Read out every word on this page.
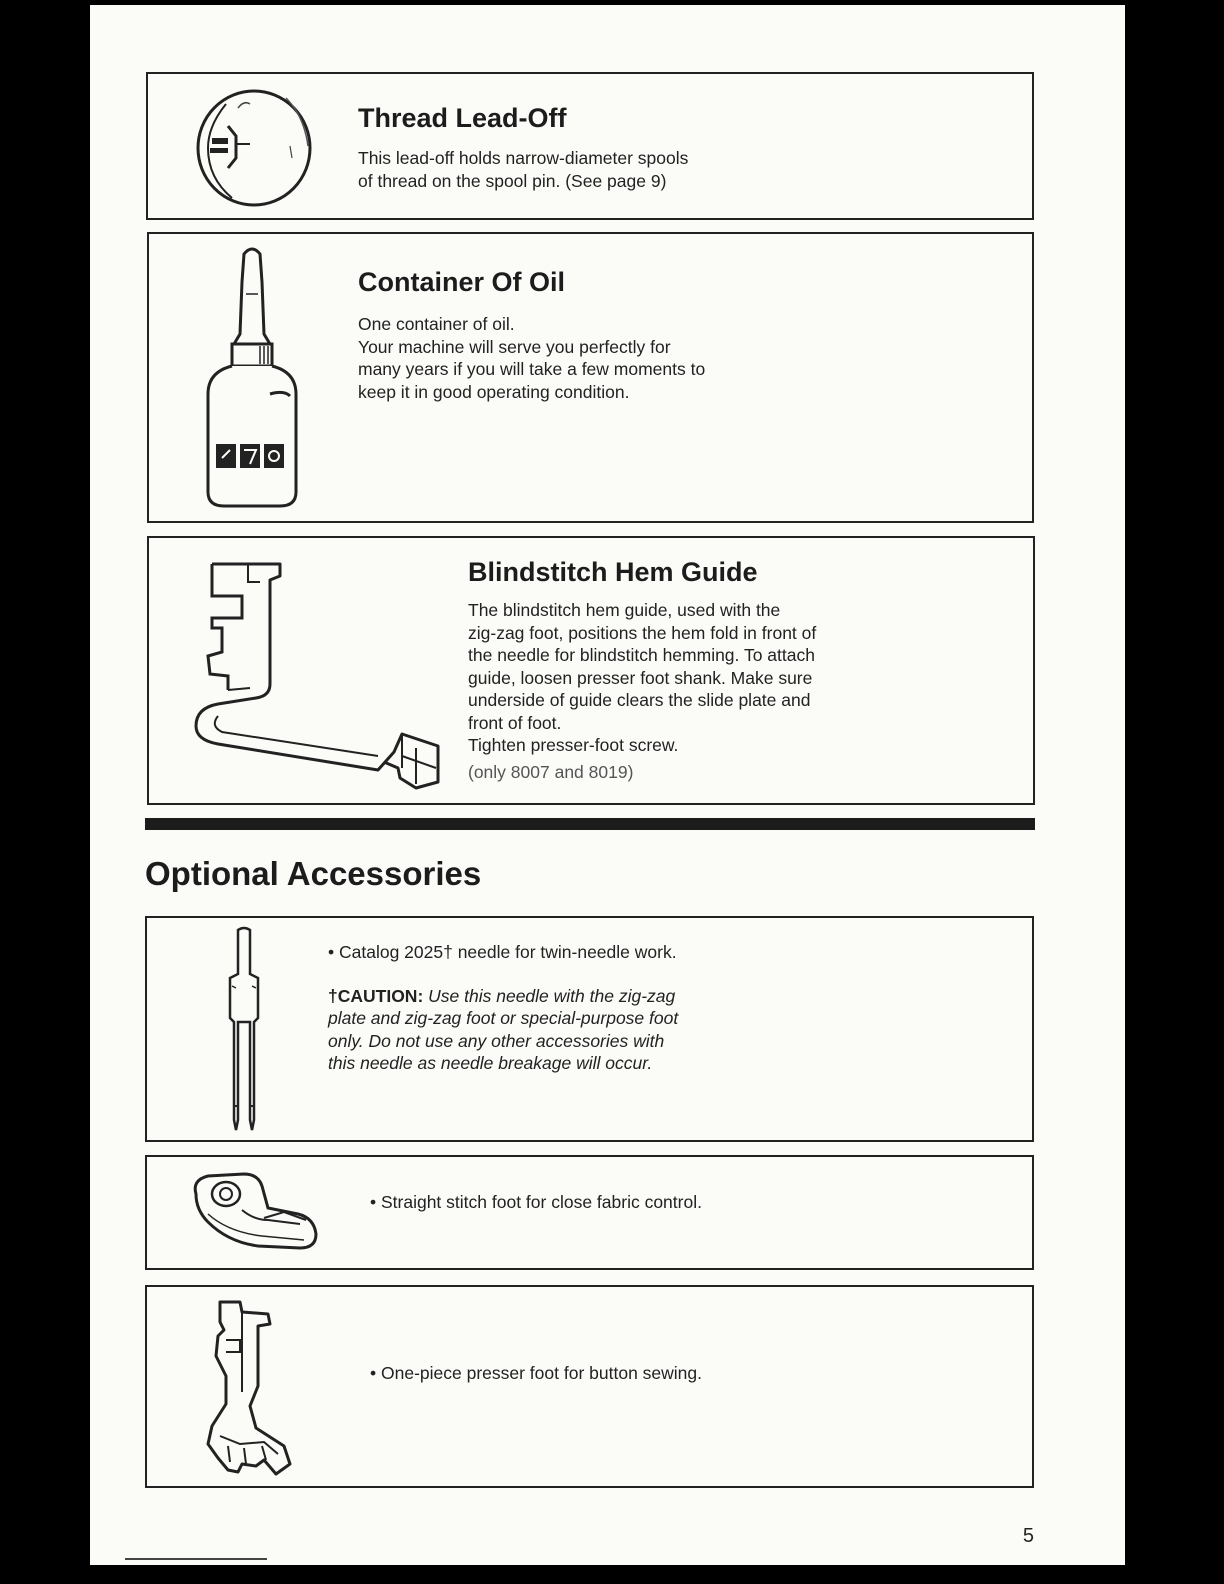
Thread Lead-Off
This lead-off holds narrow-diameter spools
of thread on the spool pin. (See page 9)
Container Of Oil
One container of oil.
Your machine will serve you perfectly for
many years if you will take a few moments to
keep it in good operating condition.
Blindstitch Hem Guide
The blindstitch hem guide, used with the
zig-zag foot, positions the hem fold in front of
the needle for blindstitch hemming. To attach
guide, loosen presser foot shank. Make sure
underside of guide clears the slide plate and
front of foot.
Tighten presser-foot screw.
(only 8007 and 8019)
Optional Accessories
• Catalog 2025† needle for twin-needle work.
†CAUTION: Use this needle with the zig-zag
plate and zig-zag foot or special-purpose foot
only. Do not use any other accessories with
this needle as needle breakage will occur.
• Straight stitch foot for close fabric control.
• One-piece presser foot for button sewing.
5
